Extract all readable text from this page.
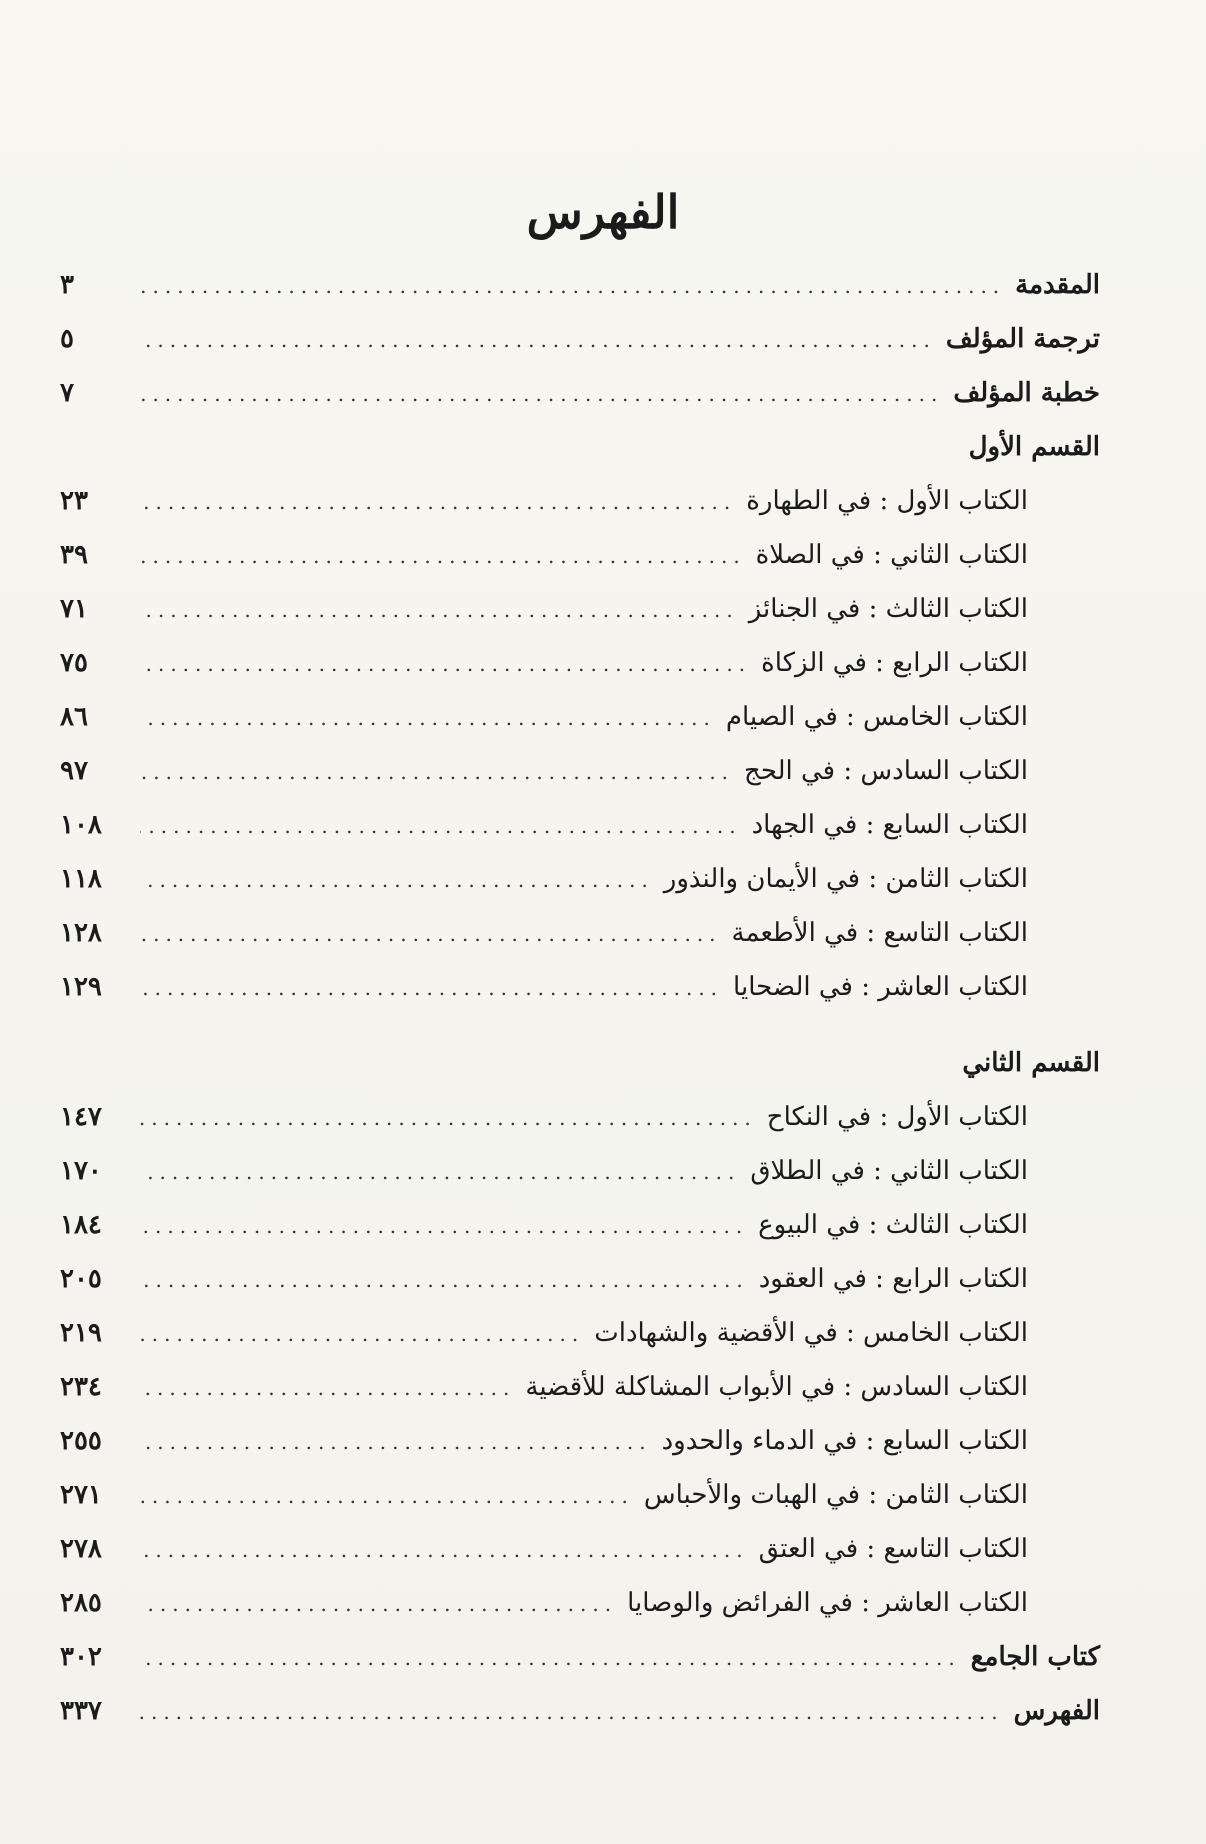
الفهرس
المقدمة
.....
٣
ترجمة المؤلف
.....
٥
خطبة المؤلف
.....
٧
القسم الأول
الكتاب الأول : في الطهارة
.....
٢٣
الكتاب الثاني : في الصلاة
.....
٣٩
الكتاب الثالث : في الجنائز
.....
٧١
الكتاب الرابع : في الزكاة
.....
٧٥
الكتاب الخامس : في الصيام
.....
٨٦
الكتاب السادس : في الحج
.....
٩٧
الكتاب السابع : في الجهاد
.....
١٠٨
الكتاب الثامن : في الأيمان والنذور
.....
١١٨
الكتاب التاسع : في الأطعمة
.....
١٢٨
الكتاب العاشر : في الضحايا
.....
١٢٩
القسم الثاني
الكتاب الأول : في النكاح
.....
١٤٧
الكتاب الثاني : في الطلاق
.....
١٧٠
الكتاب الثالث : في البيوع
.....
١٨٤
الكتاب الرابع : في العقود
.....
٢٠٥
الكتاب الخامس : في الأقضية والشهادات
.....
٢١٩
الكتاب السادس : في الأبواب المشاكلة للأقضية
.....
٢٣٤
الكتاب السابع : في الدماء والحدود
.....
٢٥٥
الكتاب الثامن : في الهبات والأحباس
.....
٢٧١
الكتاب التاسع : في العتق
.....
٢٧٨
الكتاب العاشر : في الفرائض والوصايا
.....
٢٨٥
كتاب الجامع
.....
٣٠٢
الفهرس
.....
٣٣٧
